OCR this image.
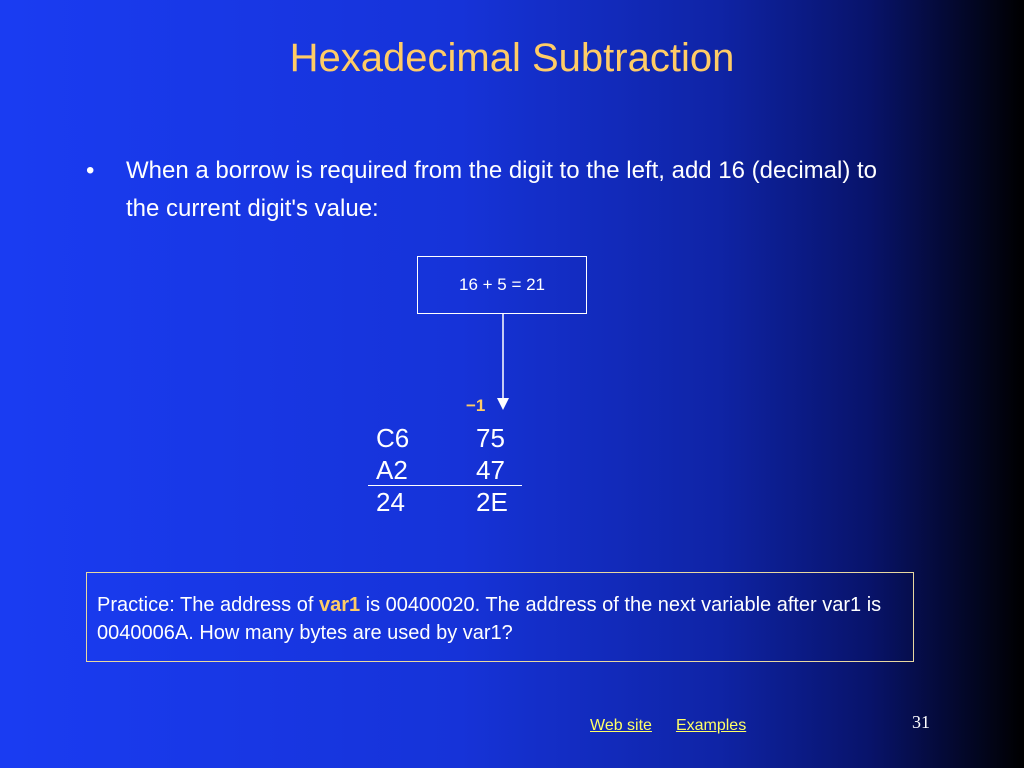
Hexadecimal Subtraction
•	When a borrow is required from the digit to the left, add 16 (decimal) to the current digit's value:
16 + 5 = 21
−1
C6	75
A2	47
24	2E
Practice: The address of var1 is 00400020. The address of the next variable after var1 is 0040006A. How many bytes are used by var1?
Web site Examples	31
